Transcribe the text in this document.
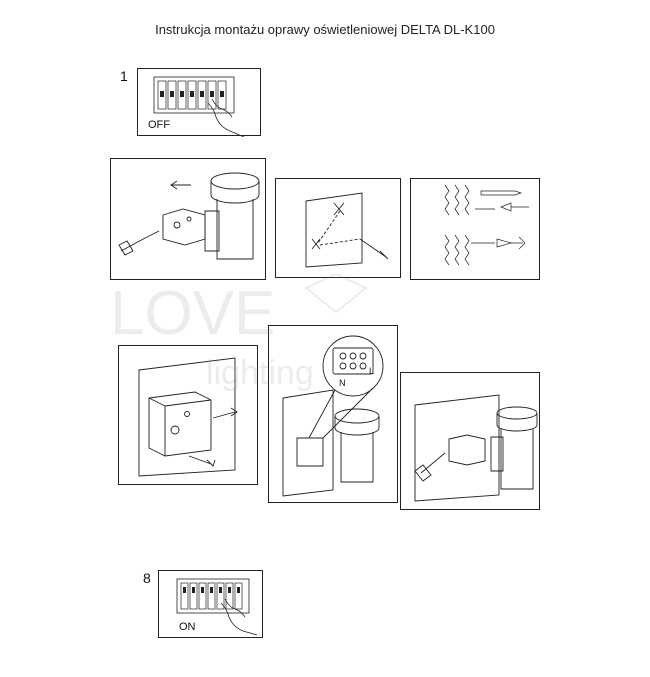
Instrukcja montażu oprawy oświetleniowej DELTA DL-K100
1
OFF
N
L
8
ON
LOVE
lighting
